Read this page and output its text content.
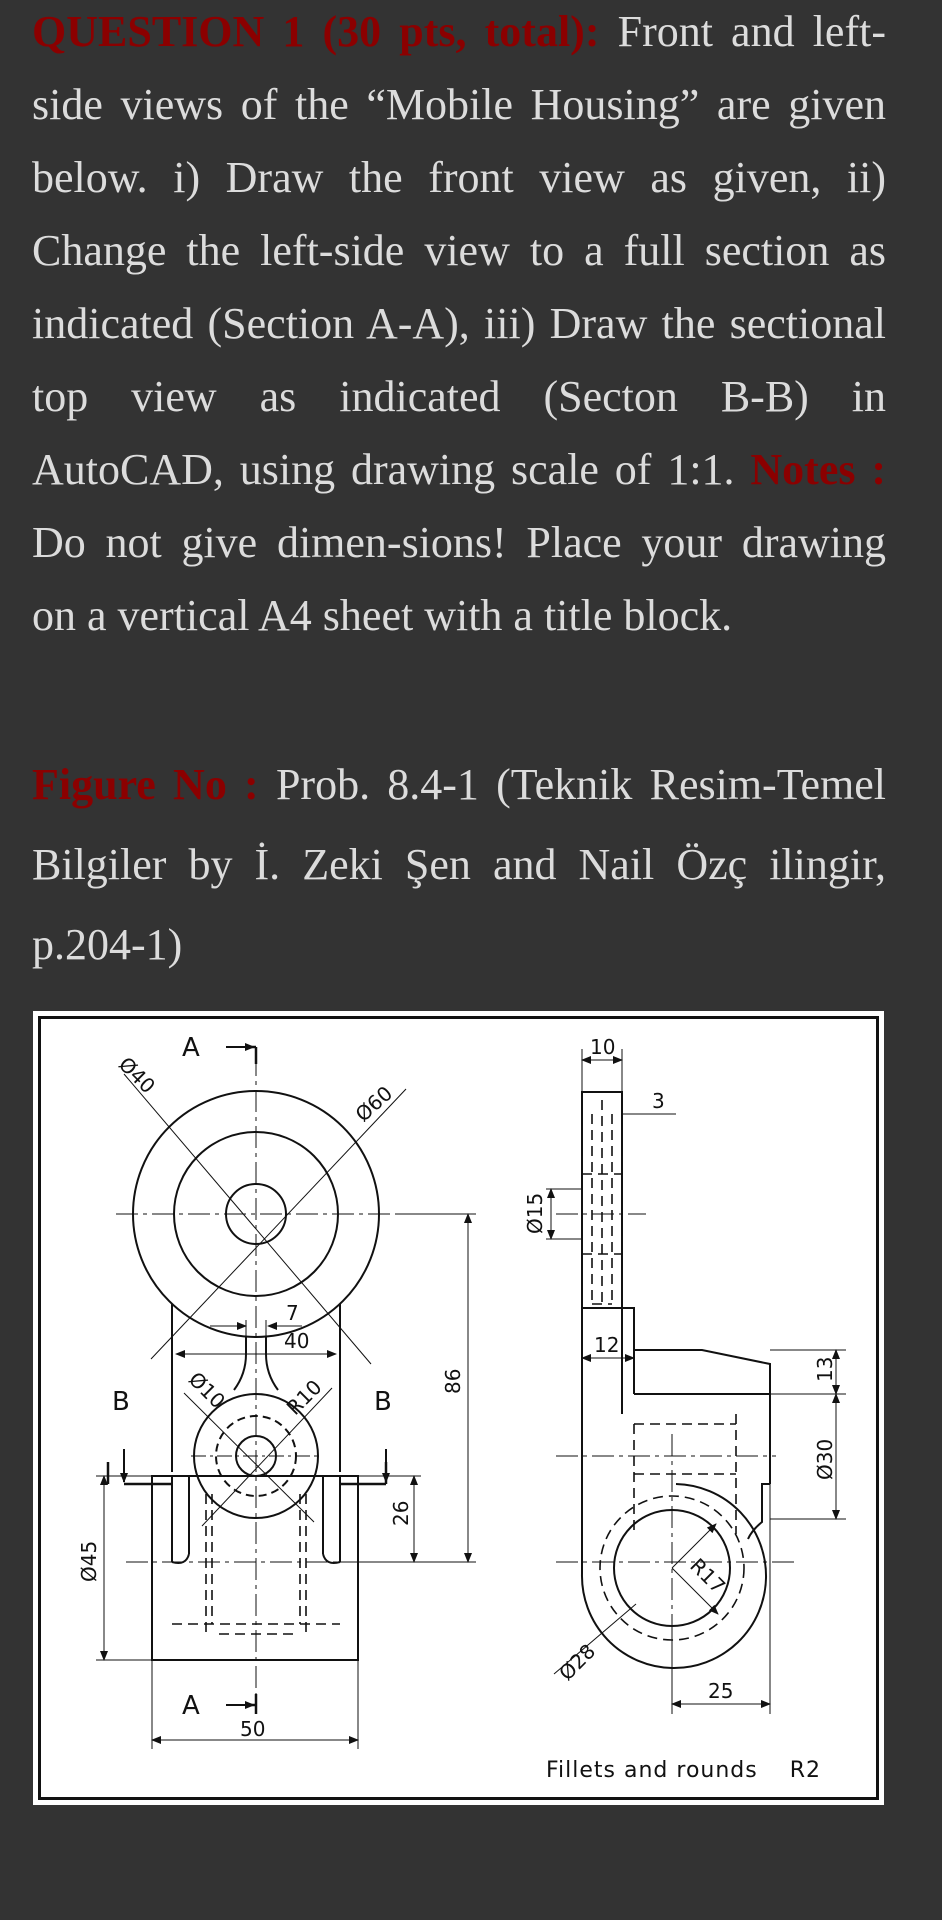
QUESTION 1 (30 pts, total): Front and left-side views of the “Mobile Housing” are given below. i) Draw the front view as given, ii) Change the left-side view to a full section as indicated (Section A-A), iii) Draw the sectional top view as indicated (Secton B-B) in AutoCAD, using drawing scale of 1:1. Notes : Do not give dimen-sions! Place your drawing on a vertical A4 sheet with a title block.
Figure No : Prob. 8.4-1 (Teknik Resim-Temel Bilgiler by İ. Zeki Şen and Nail Özç ilingir, p.204-1)
A
A
B	B
Ø40
Ø60
7
40
Ø10	R10	86
26
Ø45
50
10
3
Ø15
12
13
Ø30
R17
Ø28
25
Fillets and rounds    R2
